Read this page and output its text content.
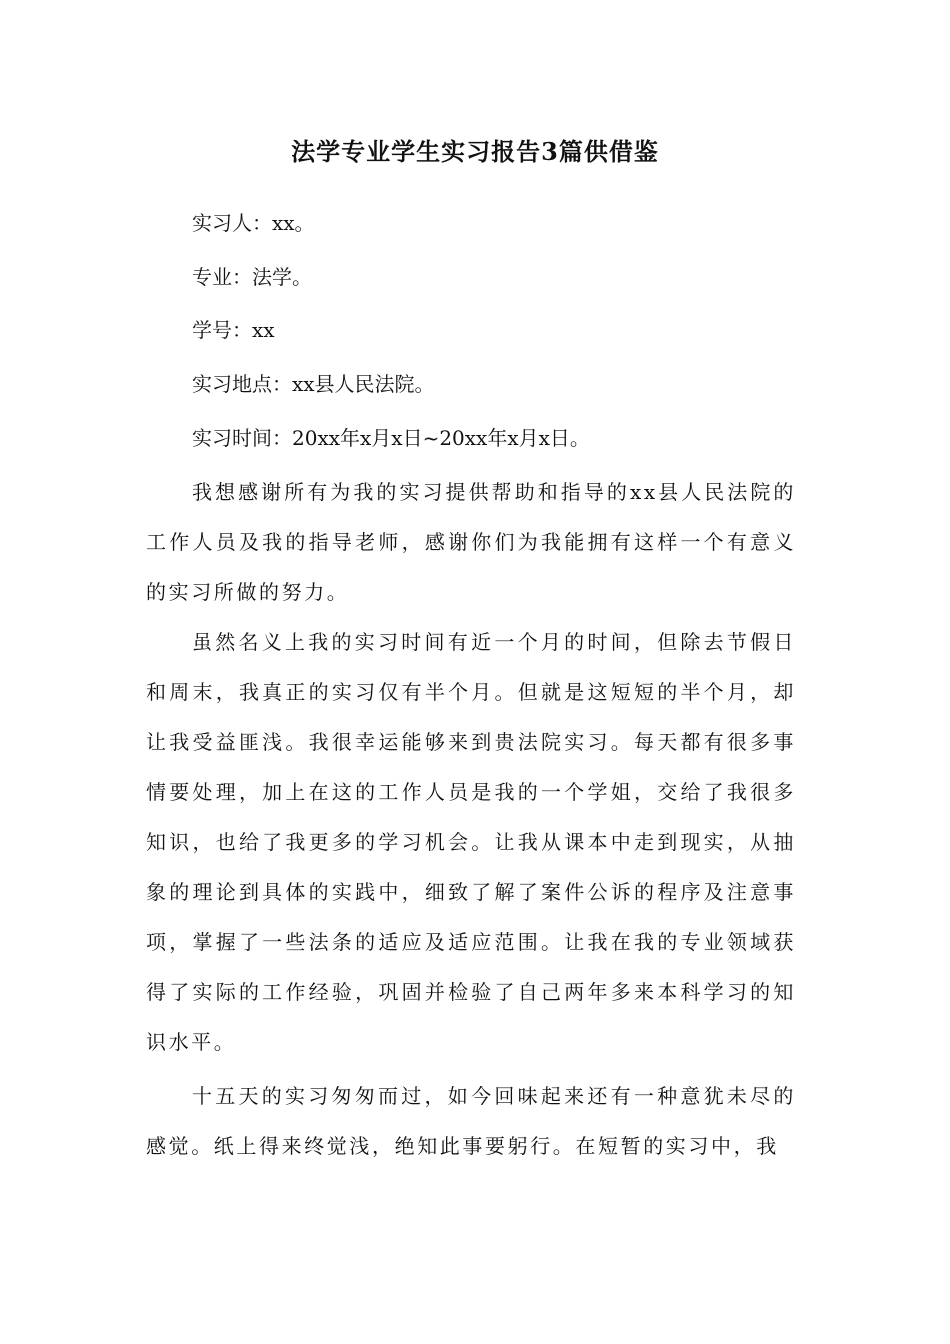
法学专业学生实习报告3篇供借鉴
实习人：xx。
专业：法学。
学号：xx
实习地点：xx县人民法院。
实习时间：20xx年x月x日~20xx年x月x日。
我想感谢所有为我的实习提供帮助和指导的xx县人民法院的工作人员及我的指导老师，感谢你们为我能拥有这样一个有意义的实习所做的努力。
虽然名义上我的实习时间有近一个月的时间，但除去节假日和周末，我真正的实习仅有半个月。但就是这短短的半个月，却让我受益匪浅。我很幸运能够来到贵法院实习。每天都有很多事情要处理，加上在这的工作人员是我的一个学姐，交给了我很多知识，也给了我更多的学习机会。让我从课本中走到现实，从抽象的理论到具体的实践中，细致了解了案件公诉的程序及注意事项，掌握了一些法条的适应及适应范围。让我在我的专业领域获得了实际的工作经验，巩固并检验了自己两年多来本科学习的知识水平。
十五天的实习匆匆而过，如今回味起来还有一种意犹未尽的感觉。纸上得来终觉浅，绝知此事要躬行。在短暂的实习中，我
